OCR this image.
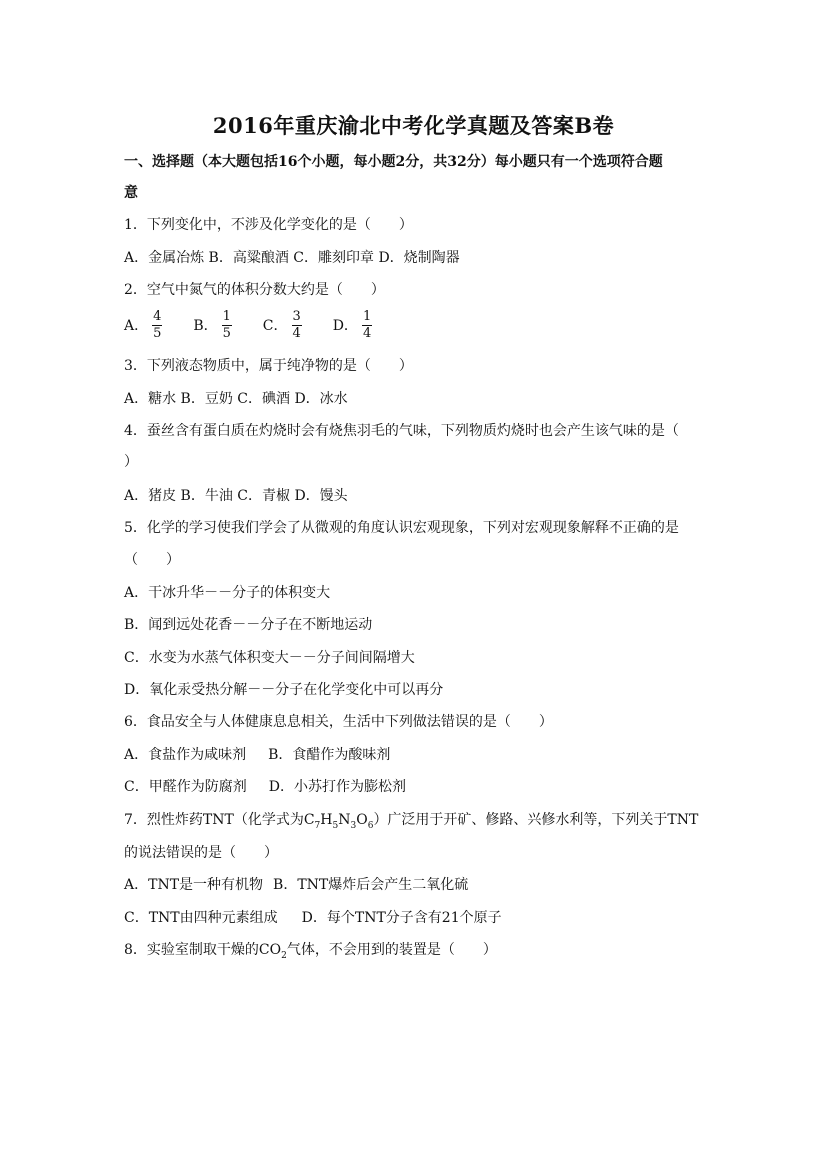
2016年重庆渝北中考化学真题及答案B卷

一、选择题（本大题包括16个小题，每小题2分，共32分）每小题只有一个选项符合题

意

1．下列变化中，不涉及化学变化的是（　　）

A．金属冶炼 B．高粱酿酒 C．雕刻印章 D．烧制陶器

2．空气中氮气的体积分数大约是（　　）

A． $\frac{4}{5}$ B． $\frac{1}{5}$ C． $\frac{3}{4}$ D． $\frac{1}{4}$

3．下列液态物质中，属于纯净物的是（　　）

A．糖水 B．豆奶 C．碘酒 D．冰水

4．蚕丝含有蛋白质在灼烧时会有烧焦羽毛的气味，下列物质灼烧时也会产生该气味的是（

）

A．猪皮 B．牛油 C．青椒 D．馒头

5．化学的学习使我们学会了从微观的角度认识宏观现象，下列对宏观现象解释不正确的是

（　　）

A．干冰升华－－分子的体积变大

B．闻到远处花香－－分子在不断地运动

C．水变为水蒸气体积变大－－分子间间隔增大

D．氧化汞受热分解－－分子在化学变化中可以再分

6．食品安全与人体健康息息相关，生活中下列做法错误的是（　　）

A．食盐作为咸味剂 B．食醋作为酸味剂

C．甲醛作为防腐剂 D．小苏打作为膨松剂

7．烈性炸药TNT（化学式为$C_7H_5N_3O_6$）广泛用于开矿、修路、兴修水利等，下列关于TNT

的说法错误的是（　　）

A．TNT是一种有机物 B．TNT爆炸后会产生二氧化硫

C．TNT由四种元素组成 D．每个TNT分子含有21个原子

8．实验室制取干燥的$CO_2$气体，不会用到的装置是（　　）
